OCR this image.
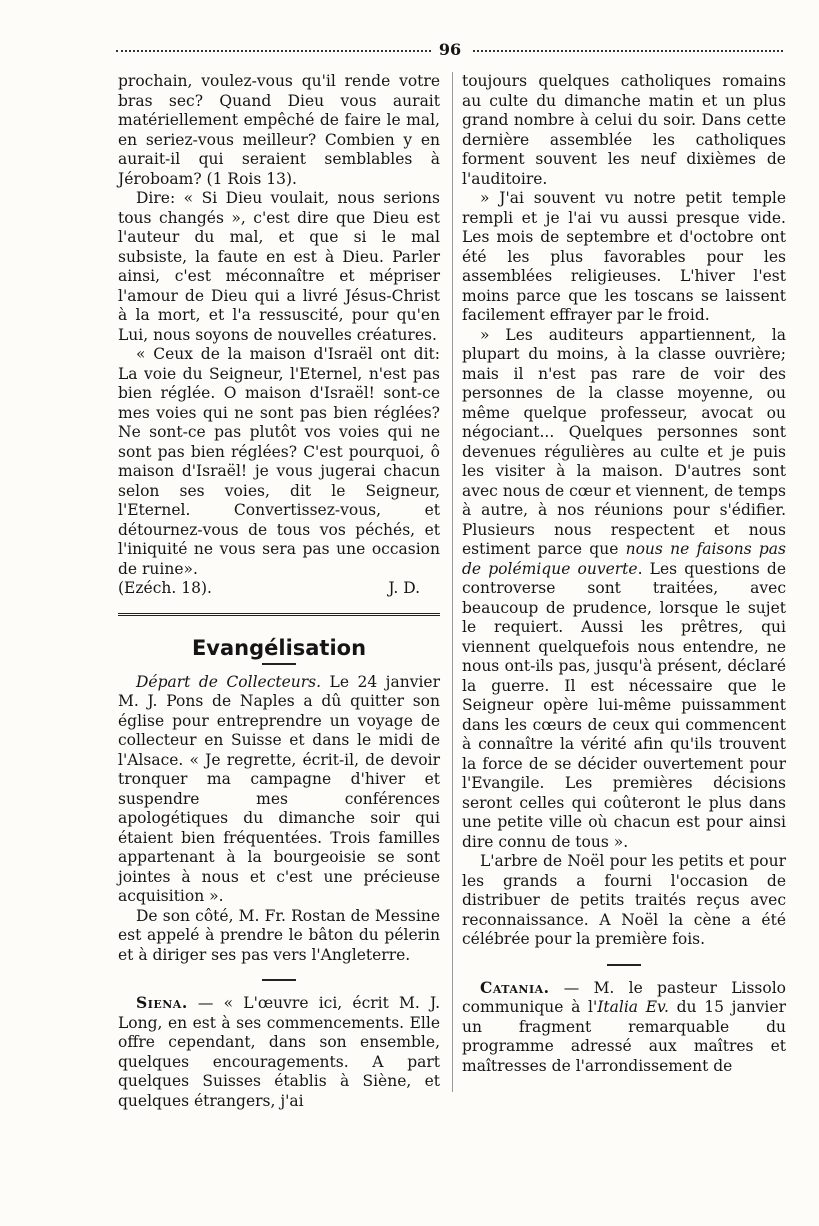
96

prochain, voulez-vous qu'il rende votre bras sec? Quand Dieu vous aurait matériellement empêché de faire le mal, en seriez-vous meilleur? Combien y en aurait-il qui seraient semblables à Jéroboam? (1 Rois 13).

Dire: « Si Dieu voulait, nous serions tous changés », c'est dire que Dieu est l'auteur du mal, et que si le mal subsiste, la faute en est à Dieu. Parler ainsi, c'est méconnaître et mépriser l'amour de Dieu qui a livré Jésus-Christ à la mort, et l'a ressuscité, pour qu'en Lui, nous soyons de nouvelles créatures.

« Ceux de la maison d'Israël ont dit: La voie du Seigneur, l'Eternel, n'est pas bien réglée. O maison d'Israël! sont-ce mes voies qui ne sont pas bien réglées? Ne sont-ce pas plutôt vos voies qui ne sont pas bien réglées? C'est pourquoi, ô maison d'Israël! je vous jugerai chacun selon ses voies, dit le Seigneur, l'Eternel. Convertissez-vous, et détournez-vous de tous vos péchés, et l'iniquité ne vous sera pas une occasion de ruine».

(Ezéch. 18).	J. D.
Evangélisation

Départ de Collecteurs. Le 24 janvier M. J. Pons de Naples a dû quitter son église pour entreprendre un voyage de collecteur en Suisse et dans le midi de l'Alsace. « Je regrette, écrit-il, de devoir tronquer ma campagne d'hiver et suspendre mes conférences apologétiques du dimanche soir qui étaient bien fréquentées. Trois familles appartenant à la bourgeoisie se sont jointes à nous et c'est une précieuse acquisition ».

De son côté, M. Fr. Rostan de Messine est appelé à prendre le bâton du pélerin et à diriger ses pas vers l'Angleterre.

Siena. — « L'œuvre ici, écrit M. J. Long, en est à ses commencements. Elle offre cependant, dans son ensemble, quelques encouragements. A part quelques Suisses établis à Siène, et quelques étrangers, j'ai

toujours quelques catholiques romains au culte du dimanche matin et un plus grand nombre à celui du soir. Dans cette dernière assemblée les catholiques forment souvent les neuf dixièmes de l'auditoire.

» J'ai souvent vu notre petit temple rempli et je l'ai vu aussi presque vide. Les mois de septembre et d'octobre ont été les plus favorables pour les assemblées religieuses. L'hiver l'est moins parce que les toscans se laissent facilement effrayer par le froid.

» Les auditeurs appartiennent, la plupart du moins, à la classe ouvrière; mais il n'est pas rare de voir des personnes de la classe moyenne, ou même quelque professeur, avocat ou négociant... Quelques personnes sont devenues régulières au culte et je puis les visiter à la maison. D'autres sont avec nous de cœur et viennent, de temps à autre, à nos réunions pour s'édifier. Plusieurs nous respectent et nous estiment parce que nous ne faisons pas de polémique ouverte. Les questions de controverse sont traitées, avec beaucoup de prudence, lorsque le sujet le requiert. Aussi les prêtres, qui viennent quelquefois nous entendre, ne nous ont-ils pas, jusqu'à présent, déclaré la guerre. Il est nécessaire que le Seigneur opère lui-même puissamment dans les cœurs de ceux qui commencent à connaître la vérité afin qu'ils trouvent la force de se décider ouvertement pour l'Evangile. Les premières décisions seront celles qui coûteront le plus dans une petite ville où chacun est pour ainsi dire connu de tous ».

L'arbre de Noël pour les petits et pour les grands a fourni l'occasion de distribuer de petits traités reçus avec reconnaissance. A Noël la cène a été célébrée pour la première fois.

Catania. — M. le pasteur Lissolo communique à l'Italia Ev. du 15 janvier un fragment remarquable du programme adressé aux maîtres et maîtresses de l'arrondissement de
